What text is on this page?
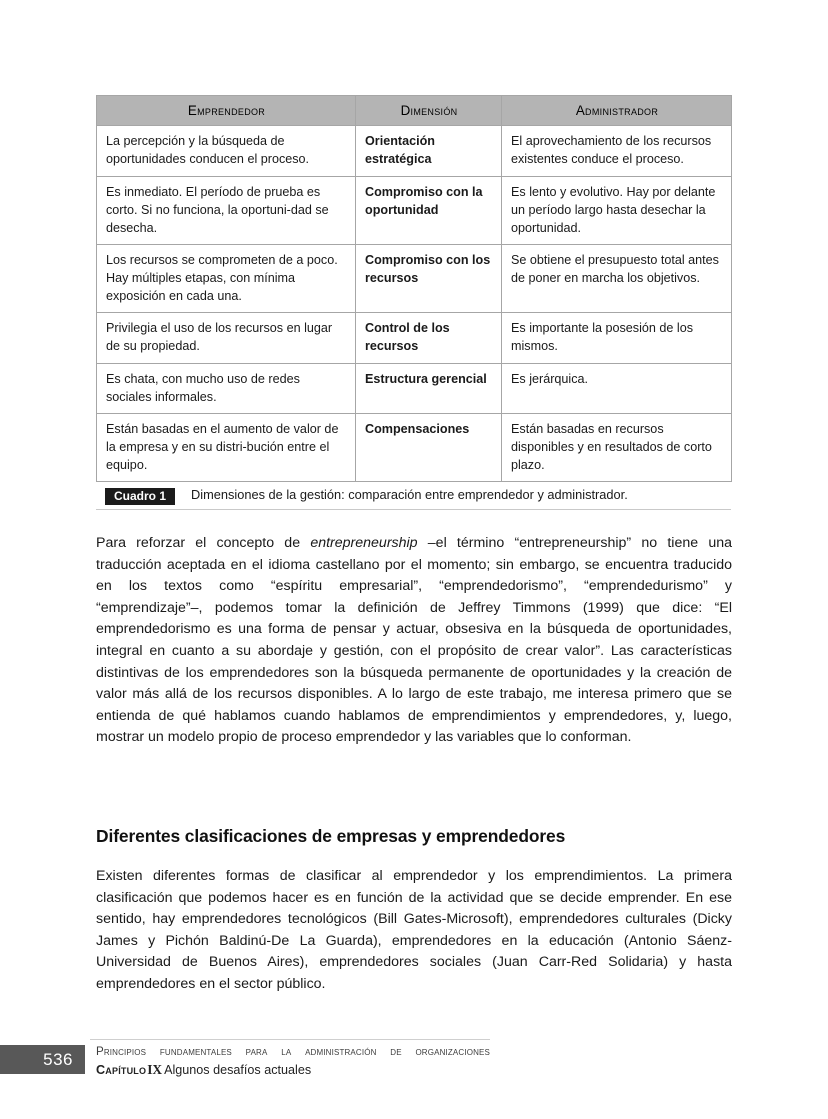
Emprendedor	Dimensión	Administrador
La percepción y la búsqueda de oportunidades conducen el proceso.	Orientación estratégica	El aprovechamiento de los recursos existentes conduce el proceso.
Es inmediato. El período de prueba es corto. Si no funciona, la oportuni-dad se desecha.	Compromiso con la oportunidad	Es lento y evolutivo. Hay por delante un período largo hasta desechar la oportunidad.
Los recursos se comprometen de a poco. Hay múltiples etapas, con mínima exposición en cada una.	Compromiso con los recursos	Se obtiene el presupuesto total antes de poner en marcha los objetivos.
Privilegia el uso de los recursos en lugar de su propiedad.	Control de los recursos	Es importante la posesión de los mismos.
Es chata, con mucho uso de redes sociales informales.	Estructura gerencial	Es jerárquica.
Están basadas en el aumento de valor de la empresa y en su distri-bución entre el equipo.	Compensaciones	Están basadas en recursos disponibles y en resultados de corto plazo.
Cuadro 1	Dimensiones de la gestión: comparación entre emprendedor y administrador.

Para reforzar el concepto de entrepreneurship –el término “entrepreneurship” no tiene una traducción aceptada en el idioma castellano por el momento; sin embargo, se encuentra traducido en los textos como “espíritu empresarial”, “emprendedorismo”, “emprendedurismo” y “emprendizaje”–, podemos tomar la definición de Jeffrey Timmons (1999) que dice: “El emprendedorismo es una forma de pensar y actuar, obsesiva en la búsqueda de oportunidades, integral en cuanto a su abordaje y gestión, con el propósito de crear valor”. Las características distintivas de los emprendedores son la búsqueda permanente de oportunidades y la creación de valor más allá de los recursos disponibles. A lo largo de este trabajo, me interesa primero que se entienda de qué hablamos cuando hablamos de emprendimientos y emprendedores, y, luego, mostrar un modelo propio de proceso emprendedor y las variables que lo conforman.

Diferentes clasificaciones de empresas y emprendedores

Existen diferentes formas de clasificar al emprendedor y los emprendimientos. La primera clasificación que podemos hacer es en función de la actividad que se decide emprender. En ese sentido, hay emprendedores tecnológicos (Bill Gates-Microsoft), emprendedores culturales (Dicky James y Pichón Baldinú-De La Guarda), emprendedores en la educación (Antonio Sáenz-Universidad de Buenos Aires), emprendedores sociales (Juan Carr-Red Solidaria) y hasta emprendedores en el sector público.

536	Principios fundamentales para la administración de organizaciones
CapítuloIX Algunos desafíos actuales
